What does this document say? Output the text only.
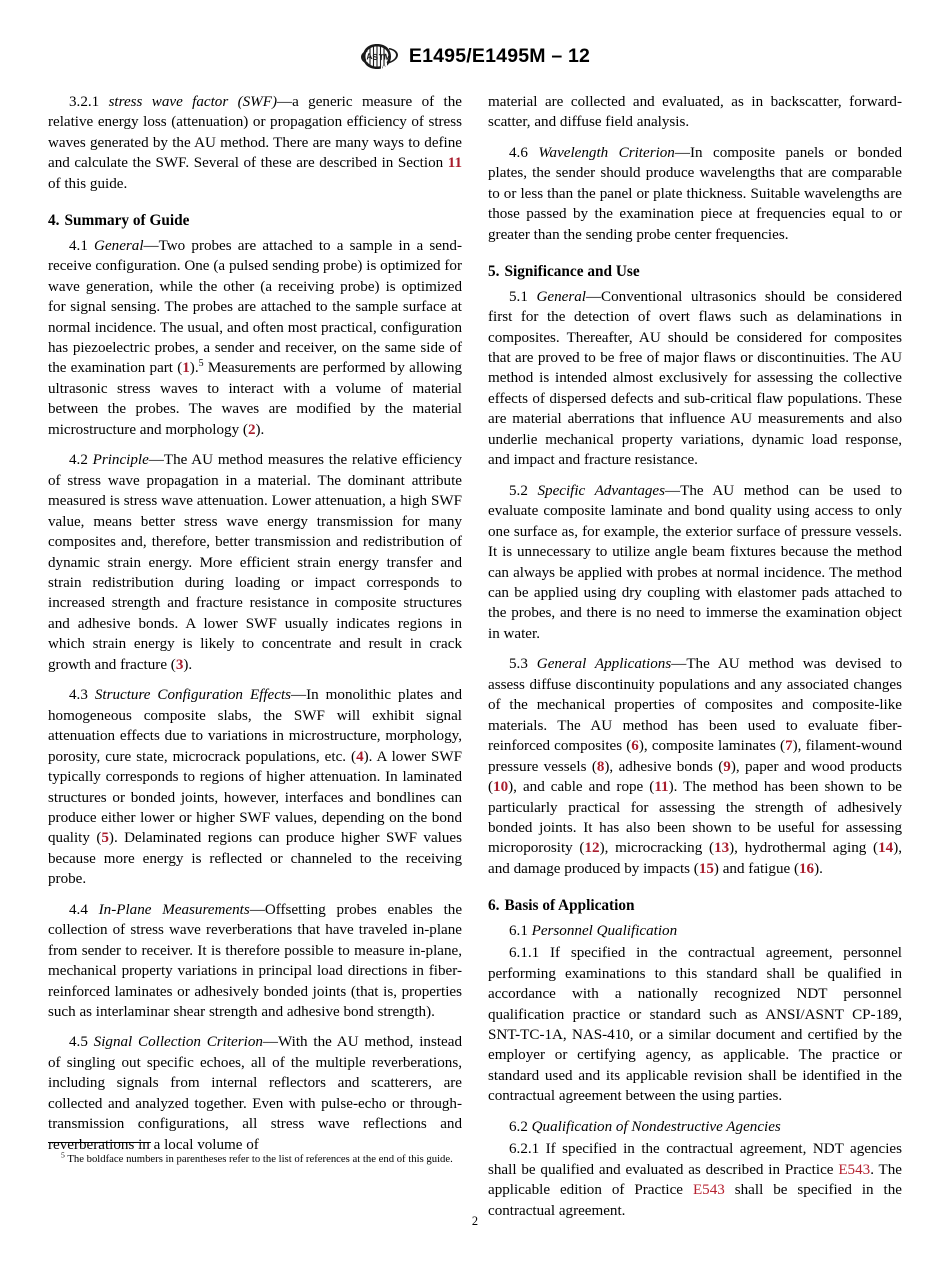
A S T M E1495/E1495M – 12

3.2.1 stress wave factor (SWF)—a generic measure of the relative energy loss (attenuation) or propagation efficiency of stress waves generated by the AU method. There are many ways to define and calculate the SWF. Several of these are described in Section 11 of this guide.

4. Summary of Guide

4.1 General—Two probes are attached to a sample in a send-receive configuration. One (a pulsed sending probe) is optimized for wave generation, while the other (a receiving probe) is optimized for signal sensing. The probes are attached to the sample surface at normal incidence. The usual, and often most practical, configuration has piezoelectric probes, a sender and receiver, on the same side of the examination part (1).$^5$ Measurements are performed by allowing ultrasonic stress waves to interact with a volume of material between the probes. The waves are modified by the material microstructure and morphology (2).

4.2 Principle—The AU method measures the relative efficiency of stress wave propagation in a material. The dominant attribute measured is stress wave attenuation. Lower attenuation, a high SWF value, means better stress wave energy transmission for many composites and, therefore, better transmission and redistribution of dynamic strain energy. More efficient strain energy transfer and strain redistribution during loading or impact corresponds to increased strength and fracture resistance in composite structures and adhesive bonds. A lower SWF usually indicates regions in which strain energy is likely to concentrate and result in crack growth and fracture (3).

4.3 Structure Configuration Effects—In monolithic plates and homogeneous composite slabs, the SWF will exhibit signal attenuation effects due to variations in microstructure, morphology, porosity, cure state, microcrack populations, etc. (4). A lower SWF typically corresponds to regions of higher attenuation. In laminated structures or bonded joints, however, interfaces and bondlines can produce either lower or higher SWF values, depending on the bond quality (5). Delaminated regions can produce higher SWF values because more energy is reflected or channeled to the receiving probe.

4.4 In-Plane Measurements—Offsetting probes enables the collection of stress wave reverberations that have traveled in-plane from sender to receiver. It is therefore possible to measure in-plane, mechanical property variations in principal load directions in fiber-reinforced laminates or adhesively bonded joints (that is, properties such as interlaminar shear strength and adhesive bond strength).

4.5 Signal Collection Criterion—With the AU method, instead of singling out specific echoes, all of the multiple reverberations, including signals from internal reflectors and scatterers, are collected and analyzed together. Even with pulse-echo or through-transmission configurations, all stress wave reflections and reverberations in a local volume of

material are collected and evaluated, as in backscatter, forward-scatter, and diffuse field analysis.

4.6 Wavelength Criterion—In composite panels or bonded plates, the sender should produce wavelengths that are comparable to or less than the panel or plate thickness. Suitable wavelengths are those passed by the examination piece at frequencies equal to or greater than the sending probe center frequencies.

5. Significance and Use

5.1 General—Conventional ultrasonics should be considered first for the detection of overt flaws such as delaminations in composites. Thereafter, AU should be considered for composites that are proved to be free of major flaws or discontinuities. The AU method is intended almost exclusively for assessing the collective effects of dispersed defects and sub-critical flaw populations. These are material aberrations that influence AU measurements and also underlie mechanical property variations, dynamic load response, and impact and fracture resistance.

5.2 Specific Advantages—The AU method can be used to evaluate composite laminate and bond quality using access to only one surface as, for example, the exterior surface of pressure vessels. It is unnecessary to utilize angle beam fixtures because the method can always be applied with probes at normal incidence. The method can be applied using dry coupling with elastomer pads attached to the probes, and there is no need to immerse the examination object in water.

5.3 General Applications—The AU method was devised to assess diffuse discontinuity populations and any associated changes of the mechanical properties of composites and composite-like materials. The AU method has been used to evaluate fiber-reinforced composites (6), composite laminates (7), filament-wound pressure vessels (8), adhesive bonds (9), paper and wood products (10), and cable and rope (11). The method has been shown to be particularly practical for assessing the strength of adhesively bonded joints. It has also been shown to be useful for assessing microporosity (12), microcracking (13), hydrothermal aging (14), and damage produced by impacts (15) and fatigue (16).

6. Basis of Application

6.1 Personnel Qualification

6.1.1 If specified in the contractual agreement, personnel performing examinations to this standard shall be qualified in accordance with a nationally recognized NDT personnel qualification practice or standard such as ANSI/ASNT CP-189, SNT-TC-1A, NAS-410, or a similar document and certified by the employer or certifying agency, as applicable. The practice or standard used and its applicable revision shall be identified in the contractual agreement between the using parties.

6.2 Qualification of Nondestructive Agencies

6.2.1 If specified in the contractual agreement, NDT agencies shall be qualified and evaluated as described in Practice E543. The applicable edition of Practice E543 shall be specified in the contractual agreement.

$^5$ The boldface numbers in parentheses refer to the list of references at the end of this guide.

2
